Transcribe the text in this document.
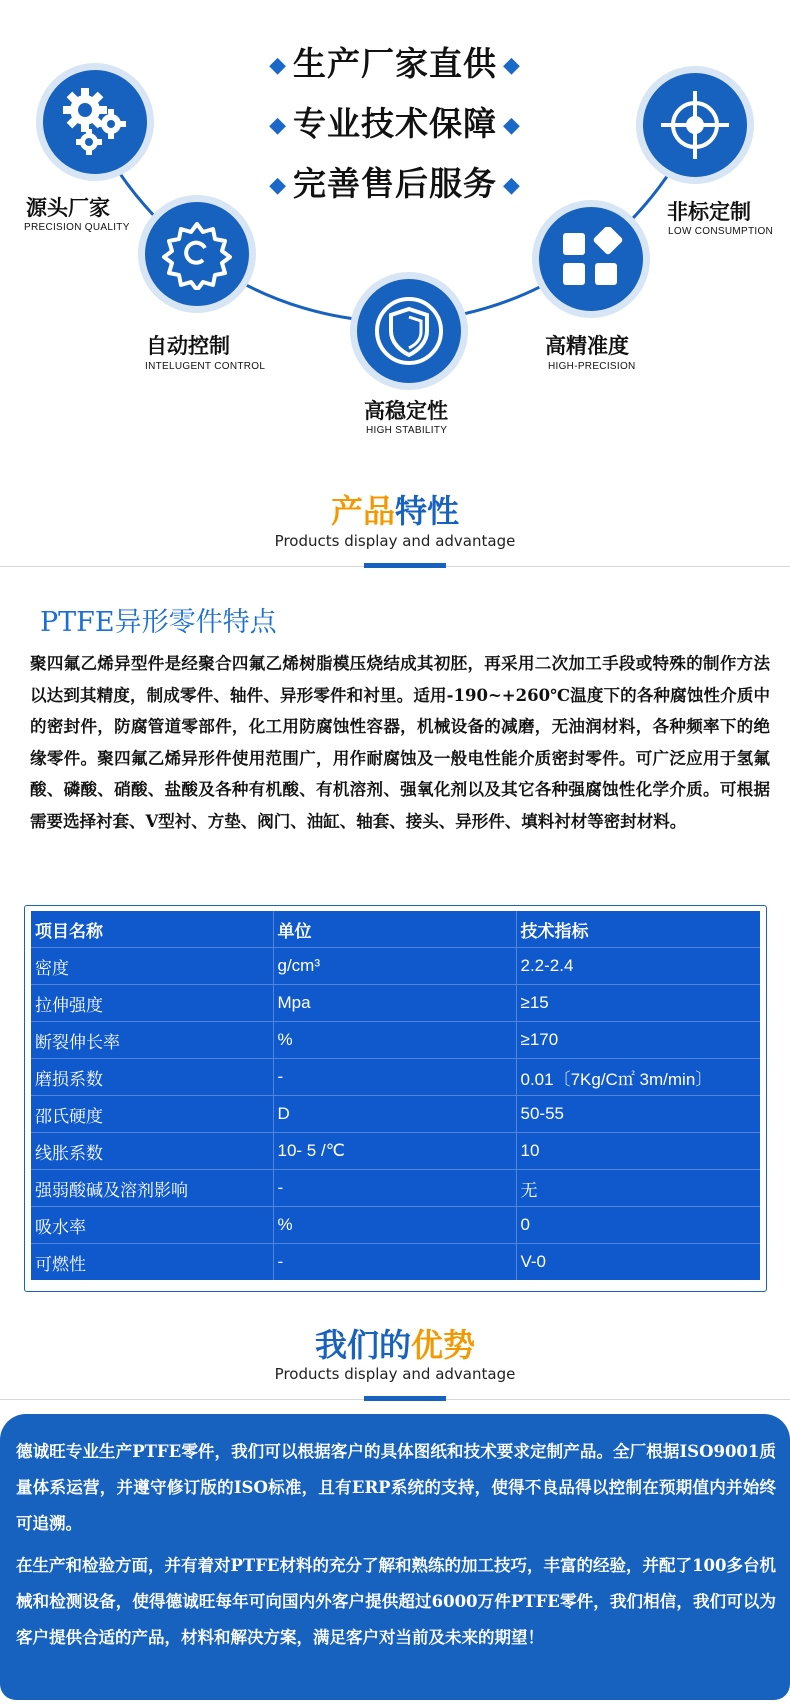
◆ 生产厂家直供 ◆
◆ 专业技术保障 ◆
◆ 完善售后服务 ◆
源头厂家
PRECISION QUALITY
自动控制
INTELUGENT CONTROL
高稳定性
HIGH STABILITY
高精准度
HIGH-PRECISION
非标定制
LOW CONSUMPTION
产品特性
Products display and advantage
PTFE异形零件特点
聚四氟乙烯异型件是经聚合四氟乙烯树脂模压烧结成其初胚，再采用二次加工手段或特殊的制作方法以达到其精度，制成零件、轴件、异形零件和衬里。适用-190~+260℃温度下的各种腐蚀性介质中的密封件，防腐管道零部件，化工用防腐蚀性容器，机械设备的减磨，无油润材料，各种频率下的绝缘零件。聚四氟乙烯异形件使用范围广，用作耐腐蚀及一般电性能介质密封零件。可广泛应用于氢氟酸、磷酸、硝酸、盐酸及各种有机酸、有机溶剂、强氧化剂以及其它各种强腐蚀性化学介质。可根据需要选择衬套、V型衬、方垫、阀门、油缸、轴套、接头、异形件、填料衬材等密封材料。
项目名称	单位	技术指标
密度	g/cm³	2.2-2.4
拉伸强度	Mpa	≥15
断裂伸长率	%	≥170
磨损系数	-	0.01〔7Kg/C㎡ 3m/min〕
邵氏硬度	D	50-55
线胀系数	10- 5 /℃	10
强弱酸碱及溶剂影响	-	无
吸水率	%	0
可燃性	-	V-0
我们的优势
Products display and advantage

德诚旺专业生产PTFE零件，我们可以根据客户的具体图纸和技术要求定制产品。全厂根据ISO9001质量体系运营，并遵守修订版的ISO标准，且有ERP系统的支持，使得不良品得以控制在预期值内并始终可追溯。

在生产和检验方面，并有着对PTFE材料的充分了解和熟练的加工技巧，丰富的经验，并配了100多台机械和检测设备，使得德诚旺每年可向国内外客户提供超过6000万件PTFE零件，我们相信，我们可以为客户提供合适的产品，材料和解决方案，满足客户对当前及未来的期望！
